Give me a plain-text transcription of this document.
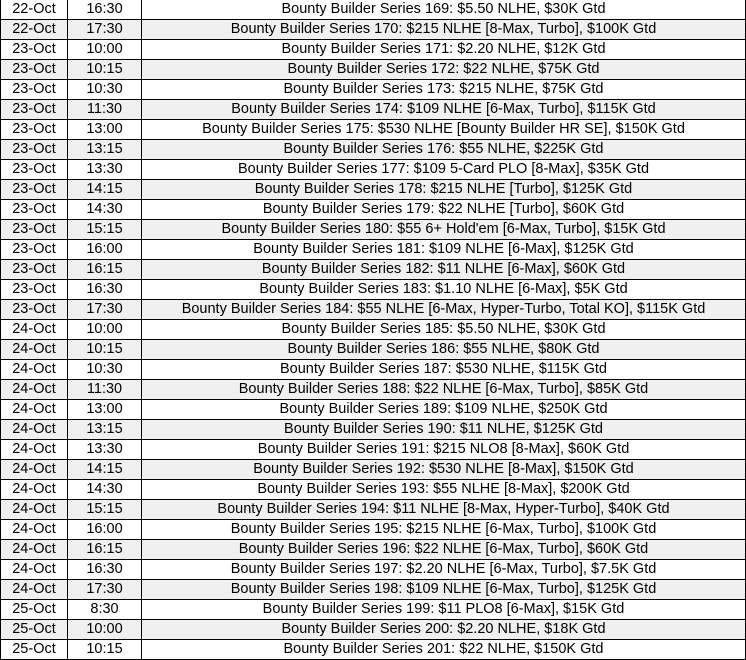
22-Oct	16:30	Bounty Builder Series 169: $5.50 NLHE, $30K Gtd
22-Oct	17:30	Bounty Builder Series 170: $215 NLHE [8-Max, Turbo], $100K Gtd
23-Oct	10:00	Bounty Builder Series 171: $2.20 NLHE, $12K Gtd
23-Oct	10:15	Bounty Builder Series 172: $22 NLHE, $75K Gtd
23-Oct	10:30	Bounty Builder Series 173: $215 NLHE, $75K Gtd
23-Oct	11:30	Bounty Builder Series 174: $109 NLHE [6-Max, Turbo], $115K Gtd
23-Oct	13:00	Bounty Builder Series 175: $530 NLHE [Bounty Builder HR SE], $150K Gtd
23-Oct	13:15	Bounty Builder Series 176: $55 NLHE, $225K Gtd
23-Oct	13:30	Bounty Builder Series 177: $109 5-Card PLO [8-Max], $35K Gtd
23-Oct	14:15	Bounty Builder Series 178: $215 NLHE [Turbo], $125K Gtd
23-Oct	14:30	Bounty Builder Series 179: $22 NLHE [Turbo], $60K Gtd
23-Oct	15:15	Bounty Builder Series 180: $55 6+ Hold'em [6-Max, Turbo], $15K Gtd
23-Oct	16:00	Bounty Builder Series 181: $109 NLHE [6-Max], $125K Gtd
23-Oct	16:15	Bounty Builder Series 182: $11 NLHE [6-Max], $60K Gtd
23-Oct	16:30	Bounty Builder Series 183: $1.10 NLHE [6-Max], $5K Gtd
23-Oct	17:30	Bounty Builder Series 184: $55 NLHE [6-Max, Hyper-Turbo, Total KO], $115K Gtd
24-Oct	10:00	Bounty Builder Series 185: $5.50 NLHE, $30K Gtd
24-Oct	10:15	Bounty Builder Series 186: $55 NLHE, $80K Gtd
24-Oct	10:30	Bounty Builder Series 187: $530 NLHE, $115K Gtd
24-Oct	11:30	Bounty Builder Series 188: $22 NLHE [6-Max, Turbo], $85K Gtd
24-Oct	13:00	Bounty Builder Series 189: $109 NLHE, $250K Gtd
24-Oct	13:15	Bounty Builder Series 190: $11 NLHE, $125K Gtd
24-Oct	13:30	Bounty Builder Series 191: $215 NLO8 [8-Max], $60K Gtd
24-Oct	14:15	Bounty Builder Series 192: $530 NLHE [8-Max], $150K Gtd
24-Oct	14:30	Bounty Builder Series 193: $55 NLHE [8-Max], $200K Gtd
24-Oct	15:15	Bounty Builder Series 194: $11 NLHE [8-Max, Hyper-Turbo], $40K Gtd
24-Oct	16:00	Bounty Builder Series 195: $215 NLHE [6-Max, Turbo], $100K Gtd
24-Oct	16:15	Bounty Builder Series 196: $22 NLHE [6-Max, Turbo], $60K Gtd
24-Oct	16:30	Bounty Builder Series 197: $2.20 NLHE [6-Max, Turbo], $7.5K Gtd
24-Oct	17:30	Bounty Builder Series 198: $109 NLHE [6-Max, Turbo], $125K Gtd
25-Oct	8:30	Bounty Builder Series 199: $11 PLO8 [6-Max], $15K Gtd
25-Oct	10:00	Bounty Builder Series 200: $2.20 NLHE, $18K Gtd
25-Oct	10:15	Bounty Builder Series 201: $22 NLHE, $150K Gtd
